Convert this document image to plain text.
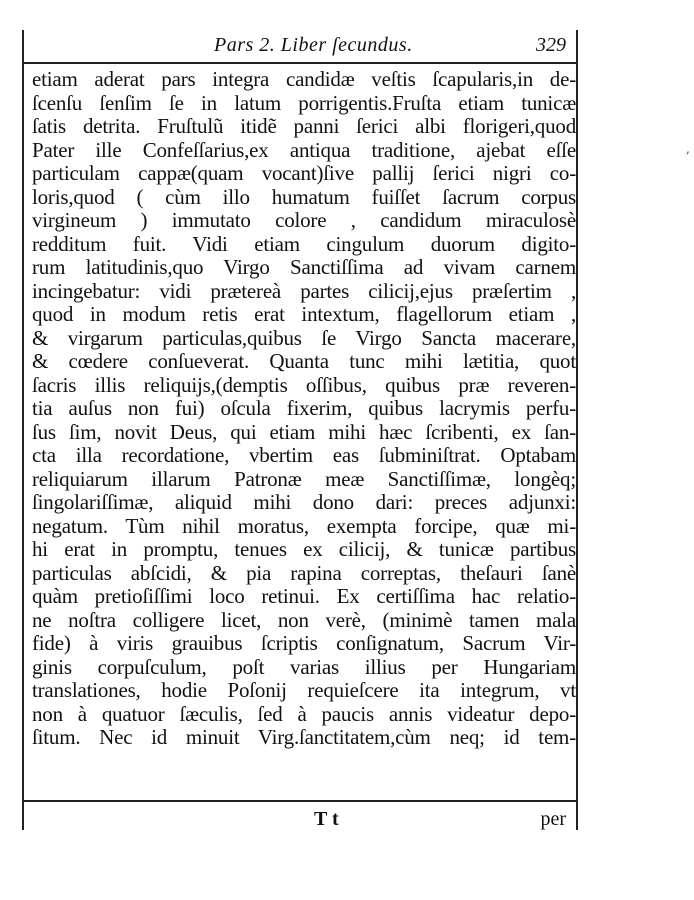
Pars 2. Liber ſecundus.	329
etiam aderat pars integra candidæ veſtis ſcapularis,in de-
ſcenſu ſenſim ſe in latum porrigentis.Fruſta etiam tunicæ
ſatis detrita. Fruſtulũ itidẽ panni ſerici albi florigeri,quod
Pater ille Confeſſarius,ex antiqua traditione, ajebat eſſe
particulam cappæ(quam vocant)ſive pallij ſerici nigri co-
loris,quod ( cùm illo humatum fuiſſet ſacrum corpus
virgineum ) immutato colore , candidum miraculosè
redditum fuit. Vidi etiam cingulum duorum digito-
rum latitudinis,quo Virgo Sanctiſſima ad vivam carnem
incingebatur: vidi prætereà partes cilicij,ejus præſertim ,
quod in modum retis erat intextum, flagellorum etiam ,
& virgarum particulas,quibus ſe Virgo Sancta macerare,
& cœdere conſueverat. Quanta tunc mihi lætitia, quot
ſacris illis reliquijs,(demptis oſſibus, quibus præ reveren-
tia auſus non fui) oſcula fixerim, quibus lacrymis perfu-
ſus ſim, novit Deus, qui etiam mihi hæc ſcribenti, ex ſan-
cta illa recordatione, vbertim eas ſubminiſtrat. Optabam
reliquiarum illarum Patronæ meæ Sanctiſſimæ, longèq;
ſingolariſſimæ, aliquid mihi dono dari: preces adjunxi:
negatum. Tùm nihil moratus, exempta forcipe, quæ mi-
hi erat in promptu, tenues ex cilicij, & tunicæ partibus
particulas abſcidi, & pia rapina correptas, theſauri ſanè
quàm pretioſiſſimi loco retinui. Ex certiſſima hac relatio-
ne noſtra colligere licet, non verè, (minimè tamen mala
fide) à viris grauibus ſcriptis conſignatum, Sacrum Vir-
ginis corpuſculum, poſt varias illius per Hungariam
translationes, hodie Poſonij requieſcere ita integrum, vt
non à quatuor ſæculis, ſed à paucis annis videatur depo-
ſitum. Nec id minuit Virg.ſanctitatem,cùm neq; id tem-
T t	per
,
